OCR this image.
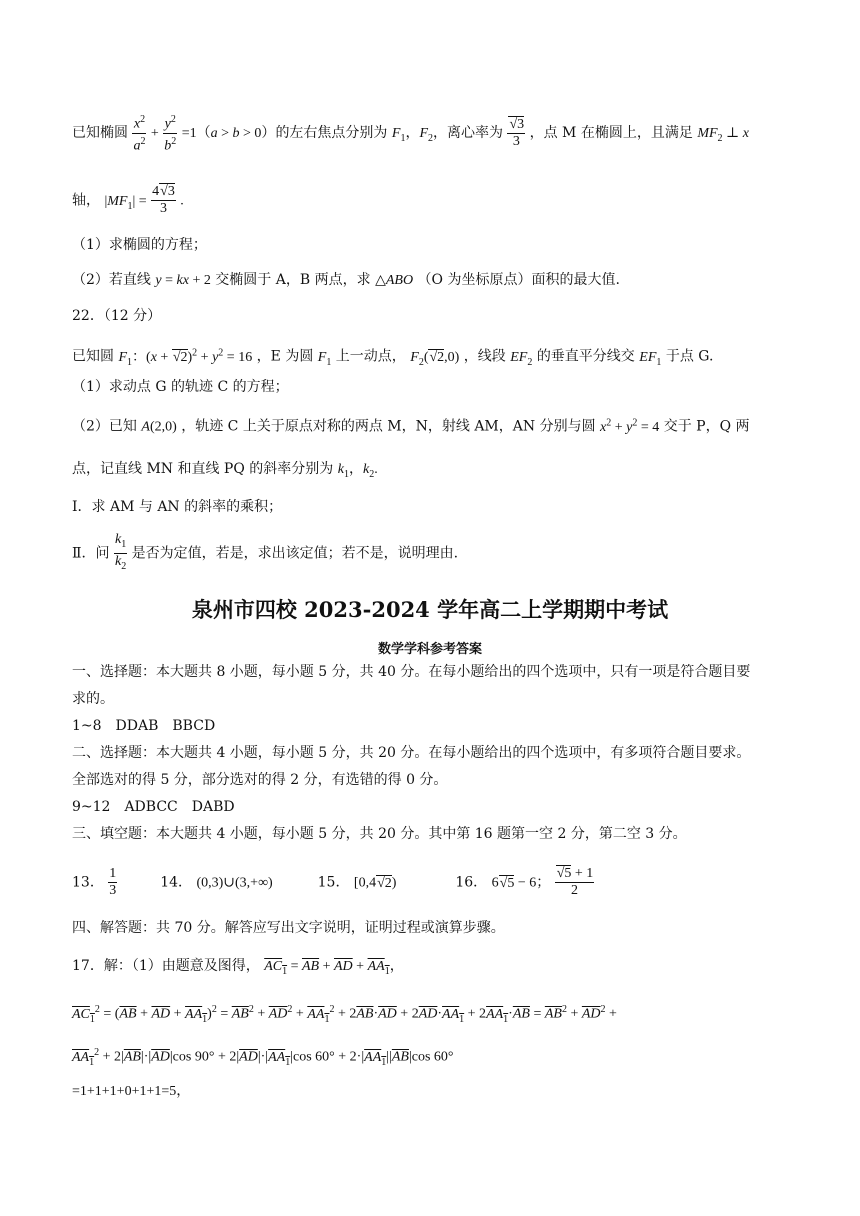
已知椭圆 $\frac{x^2}{a^2} + \frac{y^2}{b^2} =1(a > b > 0)$的左右焦点分别为 $F_1$，$F_2$，离心率为 $\frac{√3}{3}$ ，点 M 在椭圆上，且满足 $MF_2$ ⊥ x
轴， $|MF_1| = \frac{4√3}{3}$ .
（1）求椭圆的方程；
（2）若直线 y = kx + 2 交椭圆于 A，B 两点，求 △ABO （O 为坐标原点）面积的最大值.
22．（12 分）
已知圆 $F_1$：$(x + √2)^2 + y^2 = 16$ ，E 为圆 $F_1$ 上一动点， $F_2(√2,0)$ ，线段 $EF_2$ 的垂直平分线交 $EF_1$ 于点 G.
（1）求动点 G 的轨迹 C 的方程；
（2）已知 A(2,0) ，轨迹 C 上关于原点对称的两点 M，N，射线 AM，AN 分别与圆 $x^2 + y^2 = 4$ 交于 P，Q 两
点，记直线 MN 和直线 PQ 的斜率分别为 $k_1$，$k_2$.
Ⅰ．求 AM 与 AN 的斜率的乘积；
Ⅱ．问 $\frac{k_1}{k_2}$ 是否为定值，若是，求出该定值；若不是，说明理由.
泉州市四校 2023-2024 学年高二上学期期中考试
数学学科参考答案
一、选择题：本大题共 8 小题，每小题 5 分，共 40 分。在每小题给出的四个选项中，只有一项是符合题目要
求的。
1~8　DDAB　BBCD
二、选择题：本大题共 4 小题，每小题 5 分，共 20 分。在每小题给出的四个选项中，有多项符合题目要求。
全部选对的得 5 分，部分选对的得 2 分，有选错的得 0 分。
9~12　ADBCC　DABD
三、填空题：本大题共 4 小题，每小题 5 分，共 20 分。其中第 16 题第一空 2 分，第二空 3 分。
13． $\frac{1}{3}$	14． (0,3)∪(3,+∞)	15． [0,4√2)	16． 6√5 − 6； $\frac{√5 + 1}{2}$
四、解答题：共 70 分。解答应写出文字说明，证明过程或演算步骤。
17．解：（1）由题意及图得， $AC_1 = \overline{AB} + \overline{AD} + AA_1$，
$AC_1^2 = (\overline{AB} + \overline{AD} + AA_1)^2 = \overline{AB}^2 + \overline{AD}^2 + AA_1^2 + 2\overline{AB}\cdot\overline{AD} + 2\overline{AD}\cdot AA_1 + 2AA_1\cdot\overline{AB} = \overline{AB}^2 + \overline{AD}^2$ +
$AA_1^2 + 2|\overline{AB}|\cdot|\overline{AD}|\cos$ $90^\circ + 2|\overline{AD}|\cdot|AA_1|\cos$ $60^\circ + 2\cdot|AA_1||\overline{AB}|\cos$ 60°
=1+1+1+0+1+1=5，
